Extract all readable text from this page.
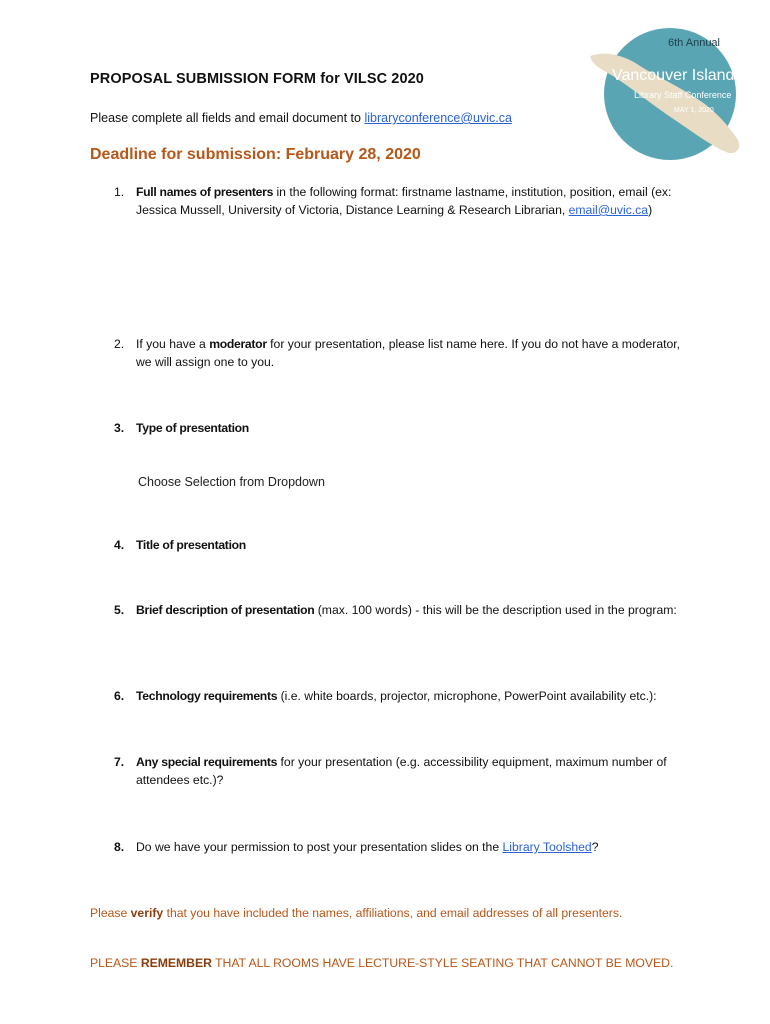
6th Annual
Vancouver Island
Library Staff Conference
MAY 1, 2020
PROPOSAL SUBMISSION FORM for VILSC 2020
Please complete all fields and email document to libraryconference@uvic.ca
Deadline for submission: February 28, 2020
1. Full names of presenters in the following format: firstname lastname, institution, position, email (ex: Jessica Mussell, University of Victoria, Distance Learning & Research Librarian, email@uvic.ca)
2. If you have a moderator for your presentation, please list name here. If you do not have a moderator, we will assign one to you.
3. Type of presentation
Choose Selection from Dropdown
4. Title of presentation
5. Brief description of presentation (max. 100 words) - this will be the description used in the program:
6. Technology requirements (i.e. white boards, projector, microphone, PowerPoint availability etc.):
7. Any special requirements for your presentation (e.g. accessibility equipment, maximum number of attendees etc.)?
8. Do we have your permission to post your presentation slides on the Library Toolshed?
Please verify that you have included the names, affiliations, and email addresses of all presenters.
PLEASE REMEMBER THAT ALL ROOMS HAVE LECTURE-STYLE SEATING THAT CANNOT BE MOVED.
